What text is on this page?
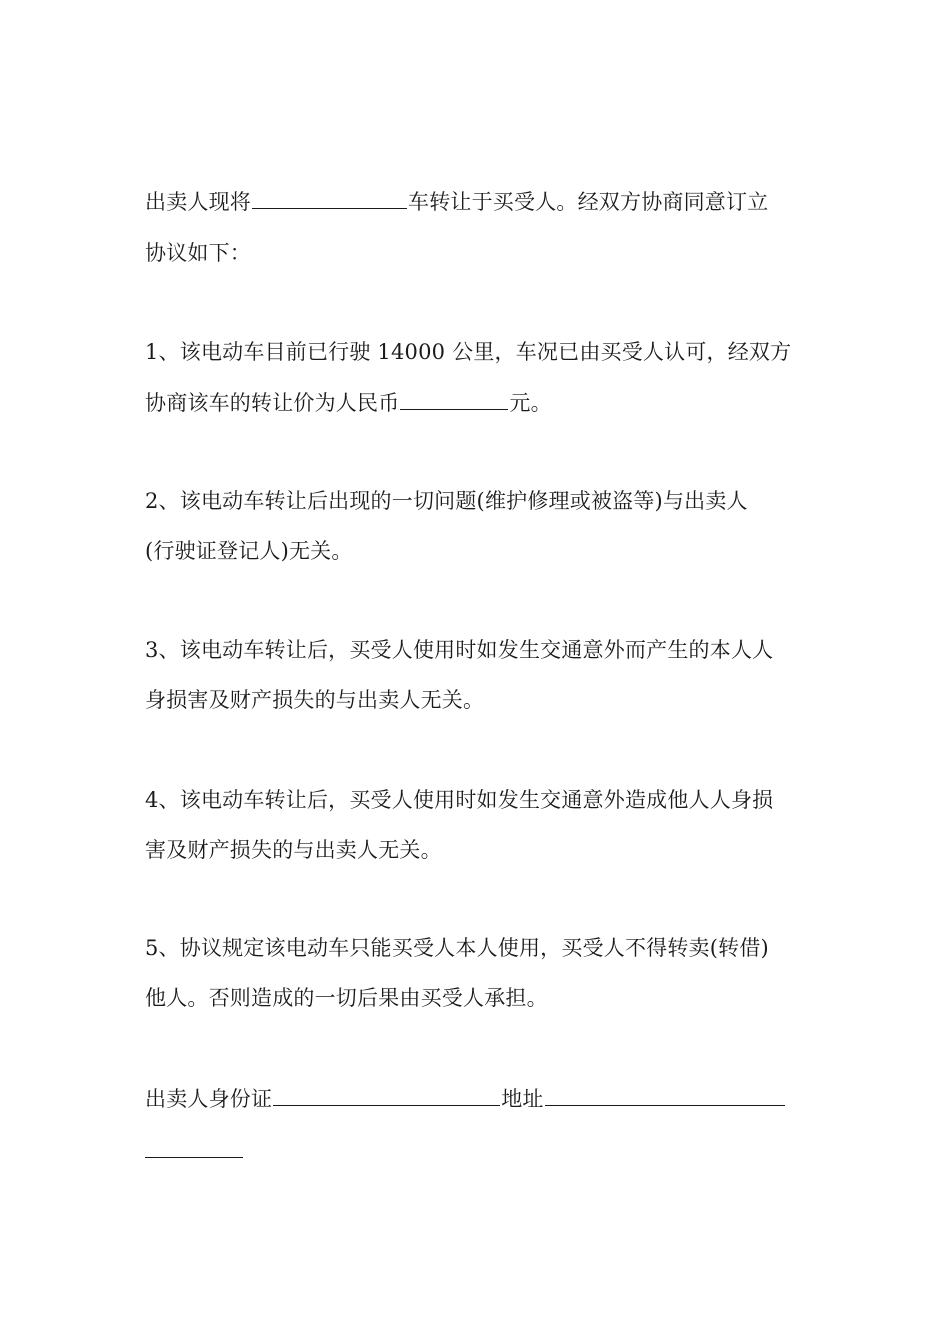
出卖人现将	车转让于买受人。经双方协商同意订立
协议如下：
1、该电动车目前已行驶 14000 公里，车况已由买受人认可，经双方
协商该车的转让价为人民币	元。
2、该电动车转让后出现的一切问题(维护修理或被盗等)与出卖人
(行驶证登记人)无关。
3、该电动车转让后，买受人使用时如发生交通意外而产生的本人人
身损害及财产损失的与出卖人无关。
4、该电动车转让后，买受人使用时如发生交通意外造成他人人身损
害及财产损失的与出卖人无关。
5、协议规定该电动车只能买受人本人使用，买受人不得转卖(转借)
他人。否则造成的一切后果由买受人承担。
出卖人身份证	地址
